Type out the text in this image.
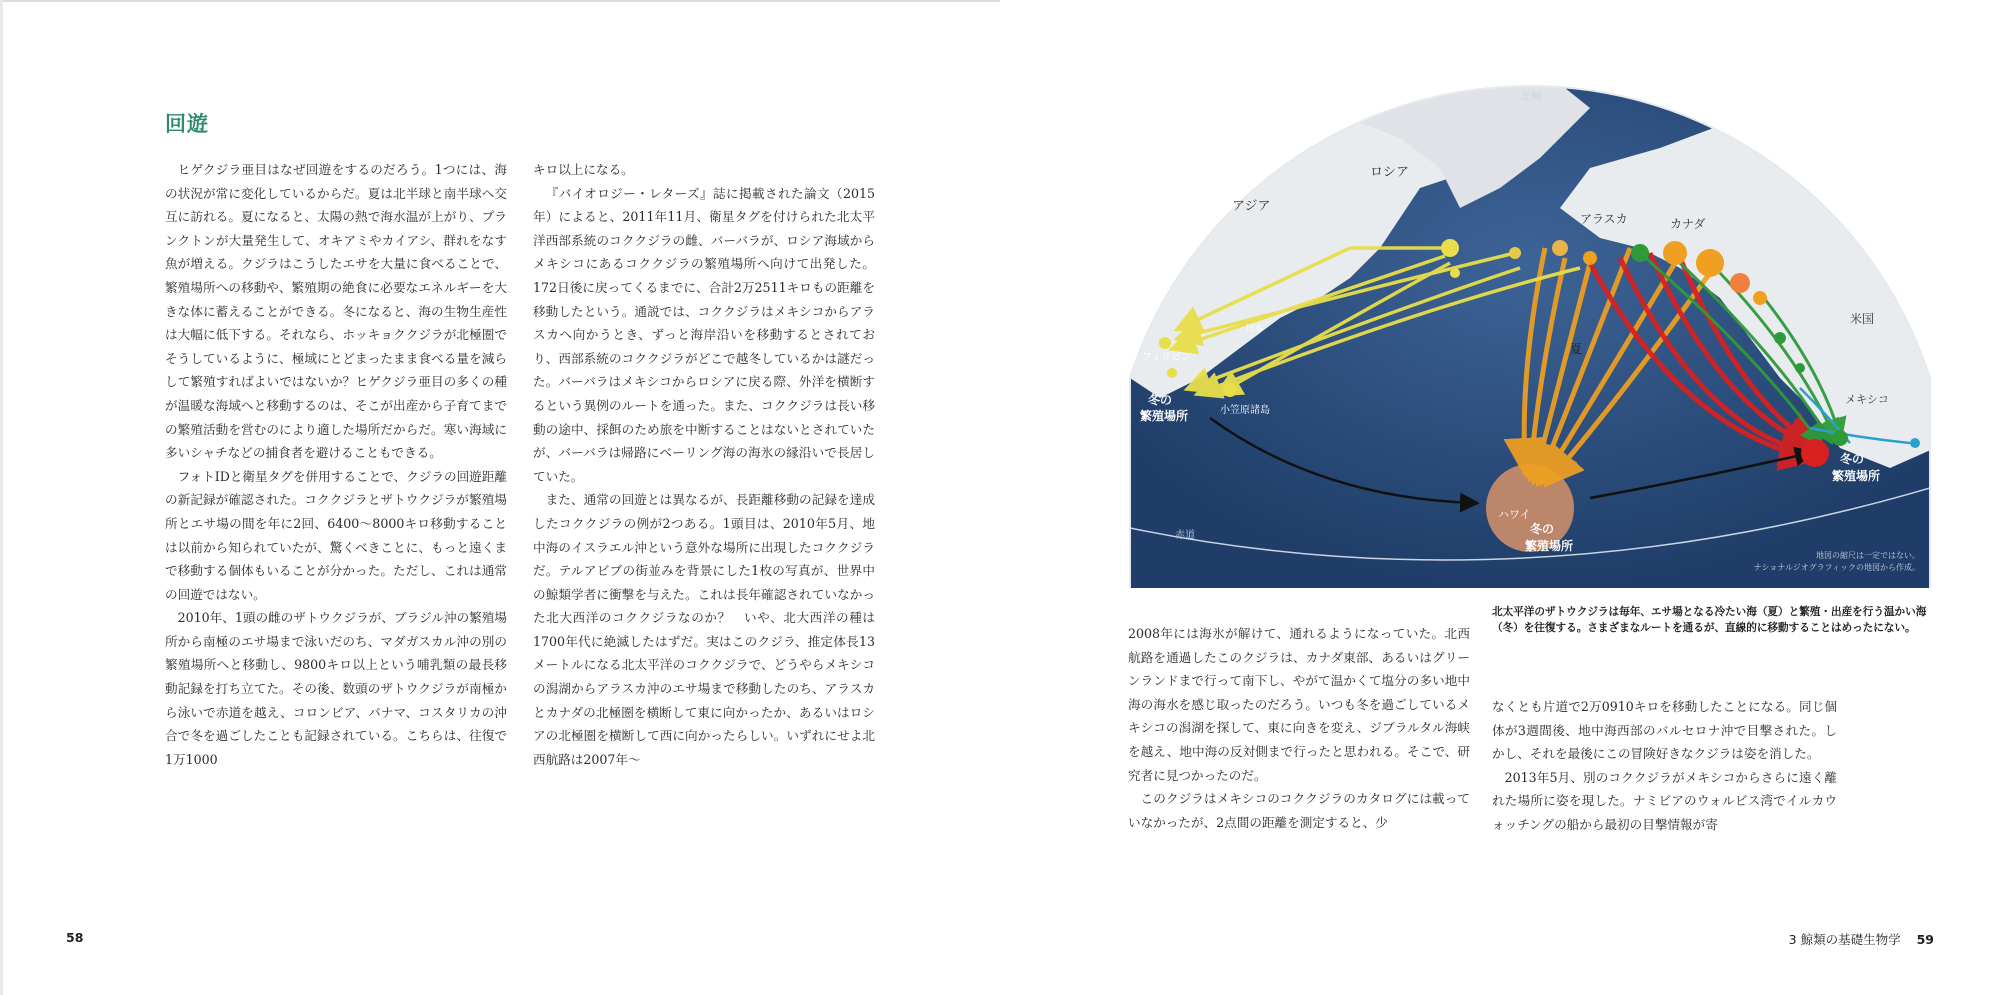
回遊

ヒゲクジラ亜目はなぜ回遊をするのだろう。1つには、海の状況が常に変化しているからだ。夏は北半球と南半球へ交互に訪れる。夏になると、太陽の熱で海水温が上がり、プランクトンが大量発生して、オキアミやカイアシ、群れをなす魚が増える。クジラはこうしたエサを大量に食べることで、繁殖場所への移動や、繁殖期の絶食に必要なエネルギーを大きな体に蓄えることができる。冬になると、海の生物生産性は大幅に低下する。それなら、ホッキョククジラが北極圏でそうしているように、極域にとどまったまま食べる量を減らして繁殖すればよいではないか？ヒゲクジラ亜目の多くの種が温暖な海域へと移動するのは、そこが出産から子育てまでの繁殖活動を営むのにより適した場所だからだ。寒い海域に多いシャチなどの捕食者を避けることもできる。

フォトIDと衛星タグを併用することで、クジラの回遊距離の新記録が確認された。コククジラとザトウクジラが繁殖場所とエサ場の間を年に2回、6400～8000キロ移動することは以前から知られていたが、驚くべきことに、もっと遠くまで移動する個体もいることが分かった。ただし、これは通常の回遊ではない。

2010年、1頭の雌のザトウクジラが、ブラジル沖の繁殖場所から南極のエサ場まで泳いだのち、マダガスカル沖の別の繁殖場所へと移動し、9800キロ以上という哺乳類の最長移動記録を打ち立てた。その後、数頭のザトウクジラが南極から泳いで赤道を越え、コロンビア、パナマ、コスタリカの沖合で冬を過ごしたことも記録されている。こちらは、往復で1万1000

キロ以上になる。

『バイオロジー・レターズ』誌に掲載された論文（2015年）によると、2011年11月、衛星タグを付けられた北太平洋西部系統のコククジラの雌、バーバラが、ロシア海域からメキシコにあるコククジラの繁殖場所へ向けて出発した。172日後に戻ってくるまでに、合計2万2511キロもの距離を移動したという。通説では、コククジラはメキシコからアラスカへ向かうとき、ずっと海岸沿いを移動するとされており、西部系統のコククジラがどこで越冬しているかは謎だった。バーバラはメキシコからロシアに戻る際、外洋を横断するという異例のルートを通った。また、コククジラは長い移動の途中、採餌のため旅を中断することはないとされていたが、バーバラは帰路にベーリング海の海氷の縁沿いで長居していた。

また、通常の回遊とは異なるが、長距離移動の記録を達成したコククジラの例が2つある。1頭目は、2010年5月、地中海のイスラエル沖という意外な場所に出現したコククジラだ。テルアビブの街並みを背景にした1枚の写真が、世界中の鯨類学者に衝撃を与えた。これは長年確認されていなかった北大西洋のコククジラなのか？　いや、北大西洋の種は1700年代に絶滅したはずだ。実はこのクジラ、推定体長13メートルになる北太平洋のコククジラで、どうやらメキシコの潟湖からアラスカ沖のエサ場まで移動したのち、アラスカとカナダの北極圏を横断して東に向かったか、あるいはロシアの北極圏を横断して西に向かったらしい。いずれにせよ北西航路は2007年～

58
北極
ロシア
アジア
アラスカ	カナダ
米国
メキシコ
日本
フィリピン
小笠原諸島
ハワイ
赤道
夏
冬の
繁殖場所
冬の
繁殖場所
冬の
繁殖場所
地図の縮尺は一定ではない。
ナショナルジオグラフィックの地図から作成。
北太平洋のザトウクジラは毎年、エサ場となる冷たい海（夏）と繁殖・出産を行う温かい海（冬）を往復する。さまざまなルートを通るが、直線的に移動することはめったにない。

2008年には海氷が解けて、通れるようになっていた。北西航路を通過したこのクジラは、カナダ東部、あるいはグリーンランドまで行って南下し、やがて温かくて塩分の多い地中海の海水を感じ取ったのだろう。いつも冬を過ごしているメキシコの潟湖を探して、東に向きを変え、ジブラルタル海峡を越え、地中海の反対側まで行ったと思われる。そこで、研究者に見つかったのだ。

このクジラはメキシコのコククジラのカタログには載っていなかったが、2点間の距離を測定すると、少

なくとも片道で2万0910キロを移動したことになる。同じ個体が3週間後、地中海西部のバルセロナ沖で目撃された。しかし、それを最後にこの冒険好きなクジラは姿を消した。

2013年5月、別のコククジラがメキシコからさらに遠く離れた場所に姿を現した。ナミビアのウォルビス湾でイルカウォッチングの船から最初の目撃情報が寄

3 鯨類の基礎生物学 59
